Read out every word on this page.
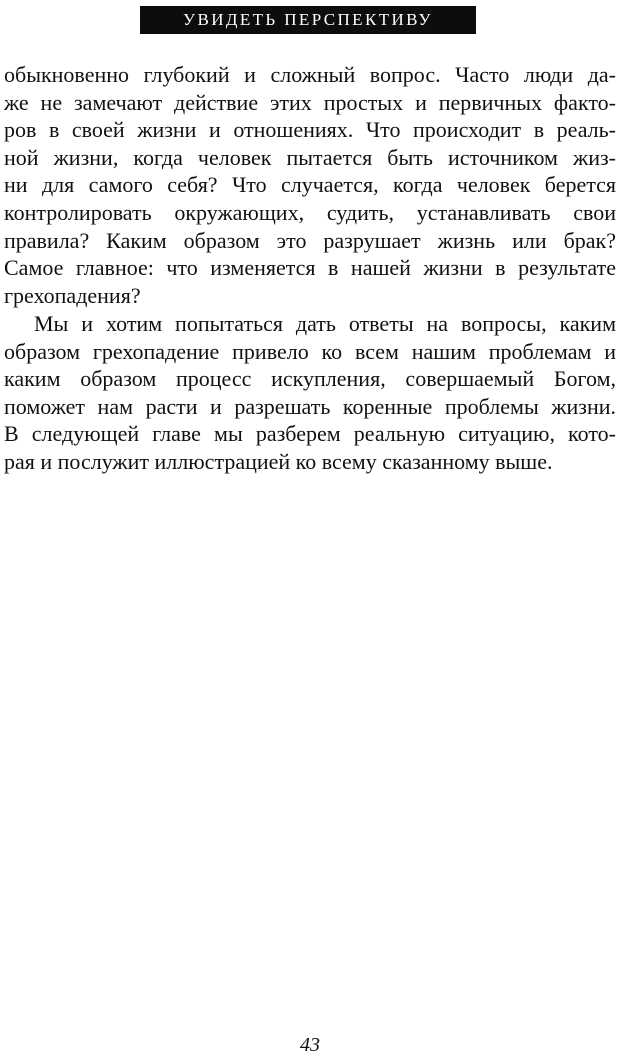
УВИДЕТЬ ПЕРСПЕКТИВУ
обыкновенно глубокий и сложный вопрос. Часто люди да-
же не замечают действие этих простых и первичных факто-
ров в своей жизни и отношениях. Что происходит в реаль-
ной жизни, когда человек пытается быть источником жиз-
ни для самого себя? Что случается, когда человек берется
контролировать окружающих, судить, устанавливать свои
правила? Каким образом это разрушает жизнь или брак?
Самое главное: что изменяется в нашей жизни в результате
грехопадения?
Мы и хотим попытаться дать ответы на вопросы, каким
образом грехопадение привело ко всем нашим проблемам и
каким образом процесс искупления, совершаемый Богом,
поможет нам расти и разрешать коренные проблемы жизни.
В следующей главе мы разберем реальную ситуацию, кото-
рая и послужит иллюстрацией ко всему сказанному выше.
43
